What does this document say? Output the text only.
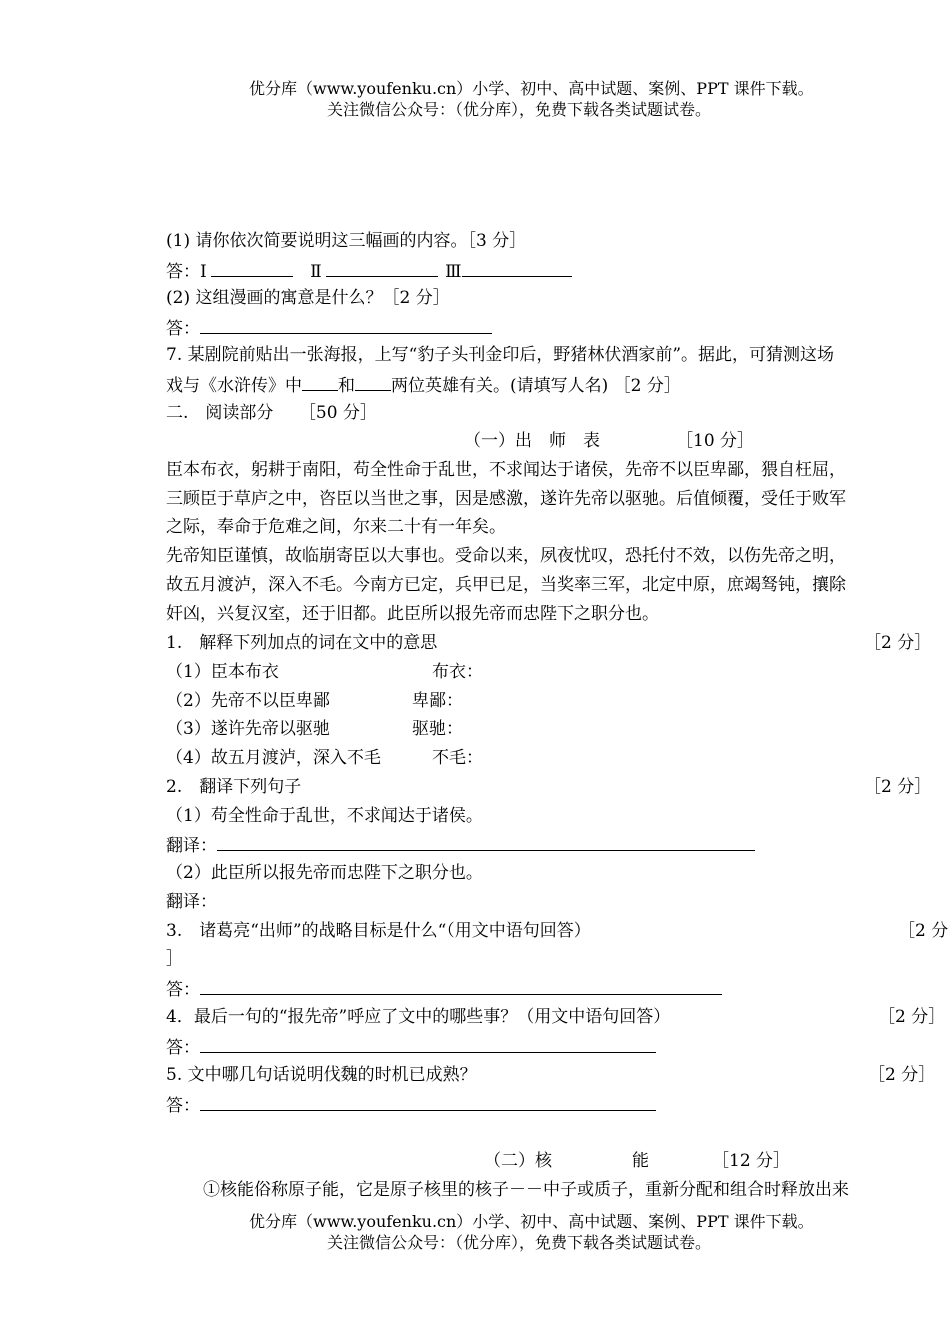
优分库（www.youfenku.cn）小学、初中、高中试题、案例、PPT 课件下载。
关注微信公众号：（优分库），免费下载各类试题试卷。
(1) 请你依次简要说明这三幅画的内容。［3 分］
答：Ⅰ	Ⅱ	Ⅲ
(2) 这组漫画的寓意是什么？［2 分］
答：
7. 某剧院前贴出一张海报，上写“豹子头刊金印后，野猪林伏酒家前”。据此，可猜测这场
戏与《水浒传》中 和 两位英雄有关。(请填写人名) ［2 分］
二.　阅读部分　　［50 分］
（一）出　师　表	［10 分］
臣本布衣，躬耕于南阳，苟全性命于乱世，不求闻达于诸侯，先帝不以臣卑鄙，猥自枉屈，
三顾臣于草庐之中，咨臣以当世之事，因是感激，遂许先帝以驱驰。后值倾覆，受任于败军
之际，奉命于危难之间，尔来二十有一年矣。
先帝知臣谨慎，故临崩寄臣以大事也。受命以来，夙夜忧叹，恐托付不效，以伤先帝之明，
故五月渡泸，深入不毛。今南方已定，兵甲已足，当奖率三军，北定中原，庶竭驽钝，攘除
奸凶，兴复汉室，还于旧都。此臣所以报先帝而忠陛下之职分也。
1.　解释下列加点的词在文中的意思	［2 分］
（1）臣本布衣	布衣：
（2）先帝不以臣卑鄙	卑鄙：
（3）遂许先帝以驱驰	驱驰：
（4）故五月渡泸，深入不毛	不毛：
2.　翻译下列句子	［2 分］
（1）苟全性命于乱世，不求闻达于诸侯。
翻译：
（2）此臣所以报先帝而忠陛下之职分也。
翻译：
3.　诸葛亮“出师”的战略目标是什么“（用文中语句回答）	［2 分
］
答：
4．最后一句的“报先帝”呼应了文中的哪些事？（用文中语句回答）	［2 分］
答：
5. 文中哪几句话说明伐魏的时机已成熟？	［2 分］
答：
（二）核	能	［12 分］
①核能俗称原子能，它是原子核里的核子－－中子或质子，重新分配和组合时释放出来
优分库（www.youfenku.cn）小学、初中、高中试题、案例、PPT 课件下载。
关注微信公众号：（优分库），免费下载各类试题试卷。
